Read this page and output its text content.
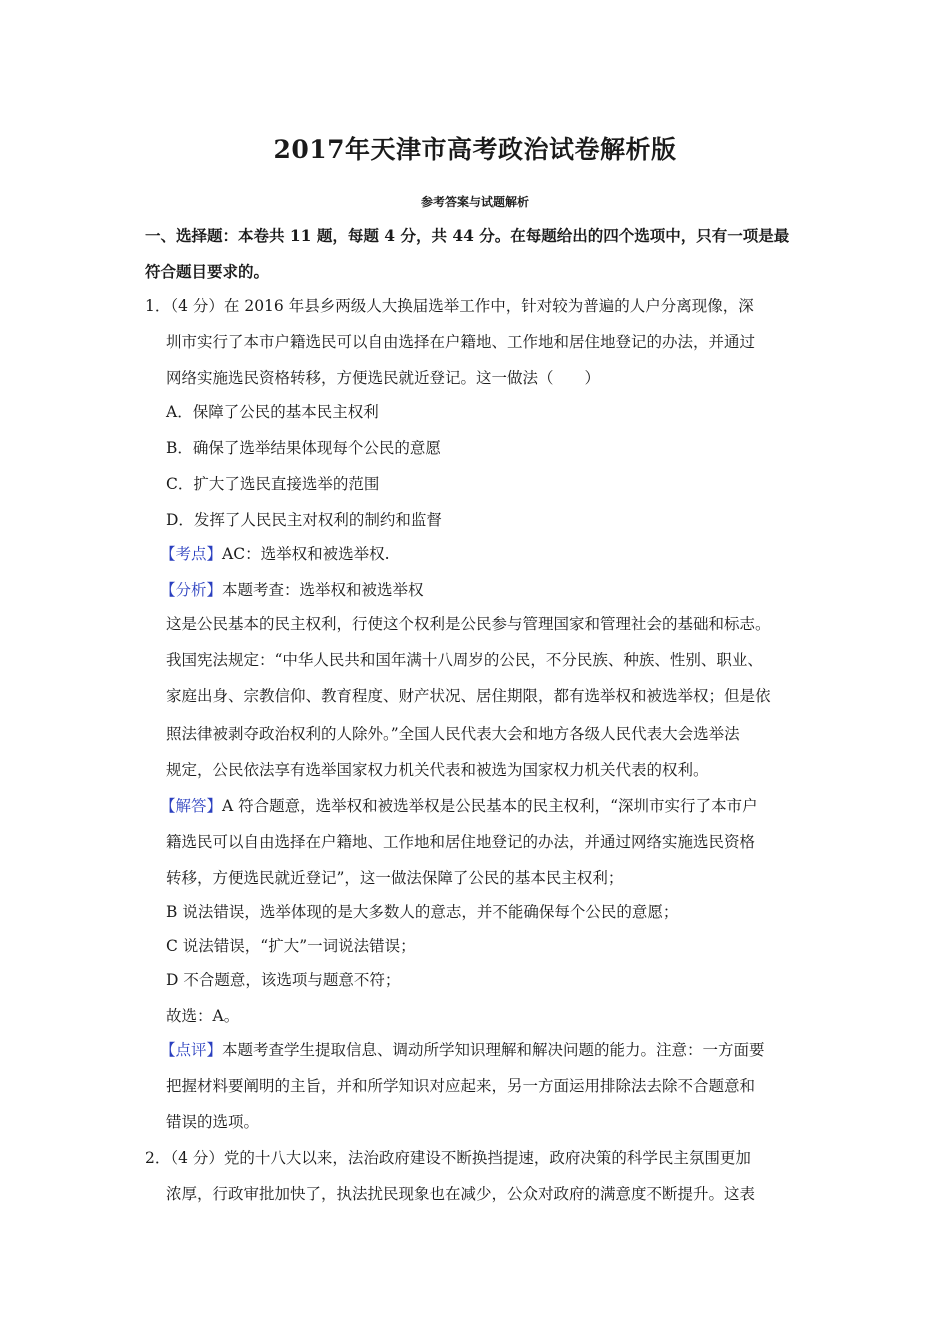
2017年天津市高考政治试卷解析版
参考答案与试题解析
一、选择题：本卷共 11 题，每题 4 分，共 44 分。在每题给出的四个选项中，只有一项是最
符合题目要求的。
1．（4 分）在 2016 年县乡两级人大换届选举工作中，针对较为普遍的人户分离现像，深
圳市实行了本市户籍选民可以自由选择在户籍地、工作地和居住地登记的办法，并通过
网络实施选民资格转移，方便选民就近登记。这一做法（　　）
A．保障了公民的基本民主权利
B．确保了选举结果体现每个公民的意愿
C．扩大了选民直接选举的范围
D．发挥了人民民主对权利的制约和监督
【考点】AC：选举权和被选举权.
【分析】本题考查：选举权和被选举权
这是公民基本的民主权利，行使这个权利是公民参与管理国家和管理社会的基础和标志。
我国宪法规定：“中华人民共和国年满十八周岁的公民，不分民族、种族、性别、职业、
家庭出身、宗教信仰、教育程度、财产状况、居住期限，都有选举权和被选举权；但是依
照法律被剥夺政治权利的人除外。”全国人民代表大会和地方各级人民代表大会选举法
规定，公民依法享有选举国家权力机关代表和被选为国家权力机关代表的权利。
【解答】A 符合题意，选举权和被选举权是公民基本的民主权利，“深圳市实行了本市户
籍选民可以自由选择在户籍地、工作地和居住地登记的办法，并通过网络实施选民资格
转移，方便选民就近登记”，这一做法保障了公民的基本民主权利；
B 说法错误，选举体现的是大多数人的意志，并不能确保每个公民的意愿；
C 说法错误，“扩大”一词说法错误；
D 不合题意，该选项与题意不符；
故选：A。
【点评】本题考查学生提取信息、调动所学知识理解和解决问题的能力。注意：一方面要
把握材料要阐明的主旨，并和所学知识对应起来，另一方面运用排除法去除不合题意和
错误的选项。
2．（4 分）党的十八大以来，法治政府建设不断换挡提速，政府决策的科学民主氛围更加
浓厚，行政审批加快了，执法扰民现象也在减少，公众对政府的满意度不断提升。这表
